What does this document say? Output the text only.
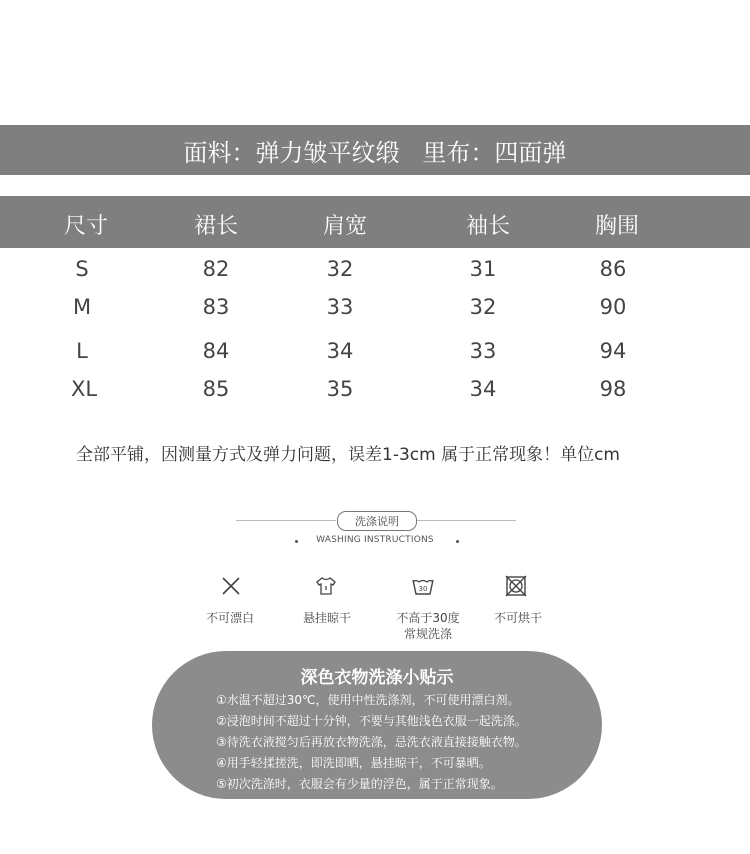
面料：弹力皱平纹缎   里布：四面弹
尺寸	裙长	肩宽	袖长	胸围
S	82	32	31	86
M	83	33	32	90
L	84	34	33	94
XL	85	35	34	98
全部平铺，因测量方式及弹力问题，误差1-3cm 属于正常现象！单位cm
洗涤说明
WASHING INSTRUCTIONS
30
不可漂白	悬挂晾干	不高于30度
常规洗涤
不可烘干
深色衣物洗涤小贴示
①水温不超过30℃，使用中性洗涤剂，不可使用漂白剂。
②浸泡时间不超过十分钟，不要与其他浅色衣服一起洗涤。
③待洗衣液搅匀后再放衣物洗涤，忌洗衣液直接接触衣物。
④用手轻揉搓洗，即洗即晒，悬挂晾干，不可暴晒。
⑤初次洗涤时，衣服会有少量的浮色，属于正常现象。
